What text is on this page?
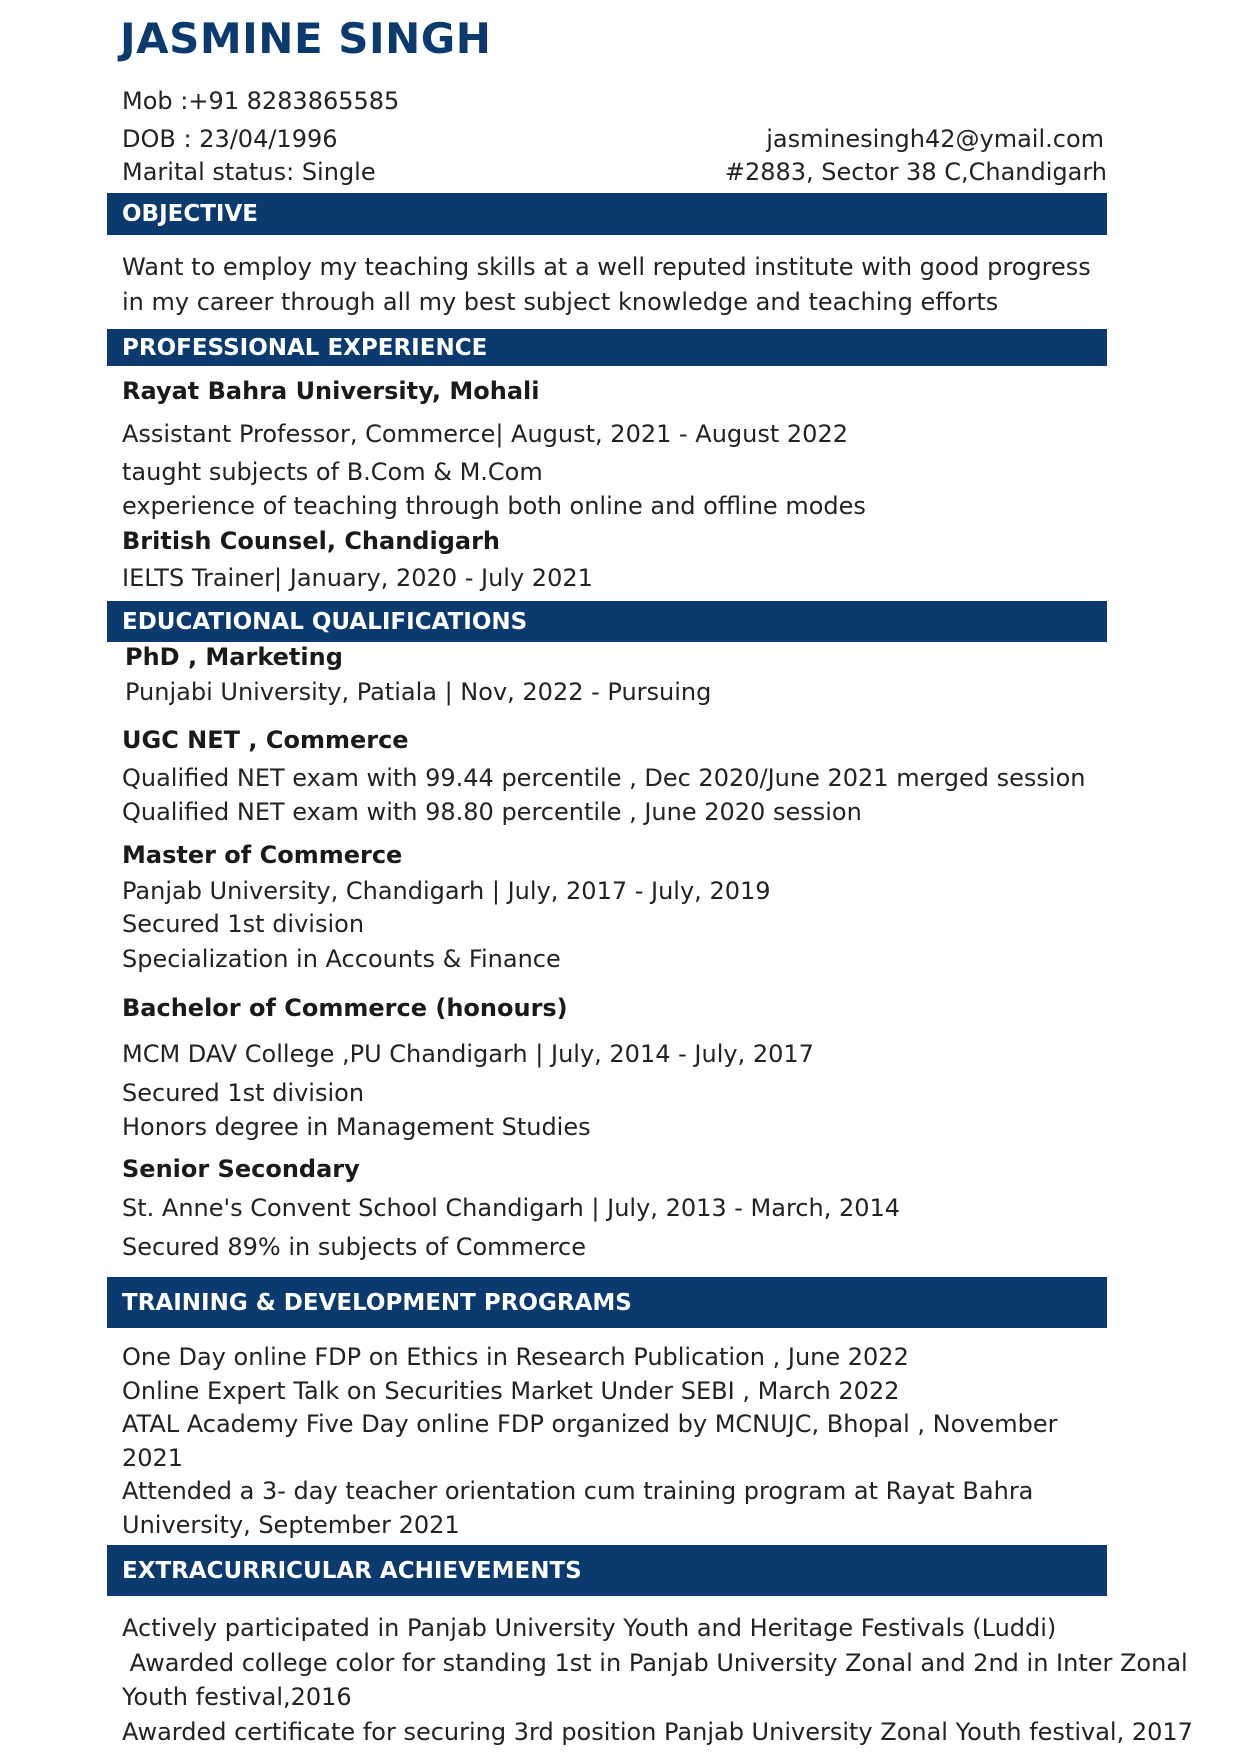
JASMINE SINGH
Mob :+91 8283865585
DOB : 23/04/1996
Marital status: Single
jasminesingh42@ymail.com
#2883, Sector 38 C,Chandigarh
OBJECTIVE
Want to employ my teaching skills at a well reputed institute with good progress
in my career through all my best subject knowledge and teaching efforts
PROFESSIONAL EXPERIENCE
Rayat Bahra University, Mohali
Assistant Professor, Commerce| August, 2021 - August 2022
taught subjects of B.Com & M.Com
experience of teaching through both online and offline modes
British Counsel, Chandigarh
IELTS Trainer| January, 2020 - July 2021
EDUCATIONAL QUALIFICATIONS
PhD , Marketing
Punjabi University, Patiala | Nov, 2022 - Pursuing
UGC NET , Commerce
Qualified NET exam with 99.44 percentile , Dec 2020/June 2021 merged session
Qualified NET exam with 98.80 percentile , June 2020 session
Master of Commerce
Panjab University, Chandigarh | July, 2017 - July, 2019
Secured 1st division
Specialization in Accounts & Finance
Bachelor of Commerce (honours)
MCM DAV College ,PU Chandigarh | July, 2014 - July, 2017
Secured 1st division
Honors degree in Management Studies
Senior Secondary
St. Anne's Convent School Chandigarh | July, 2013 - March, 2014
Secured 89% in subjects of Commerce
TRAINING & DEVELOPMENT PROGRAMS
One Day online FDP on Ethics in Research Publication , June 2022
Online Expert Talk on Securities Market Under SEBI , March 2022
ATAL Academy Five Day online FDP organized by MCNUJC, Bhopal , November
2021
Attended a 3- day teacher orientation cum training program at Rayat Bahra
University, September 2021
EXTRACURRICULAR ACHIEVEMENTS
Actively participated in Panjab University Youth and Heritage Festivals (Luddi)
Awarded college color for standing 1st in Panjab University Zonal and 2nd in Inter Zonal
Youth festival,2016
Awarded certificate for securing 3rd position Panjab University Zonal Youth festival, 2017
